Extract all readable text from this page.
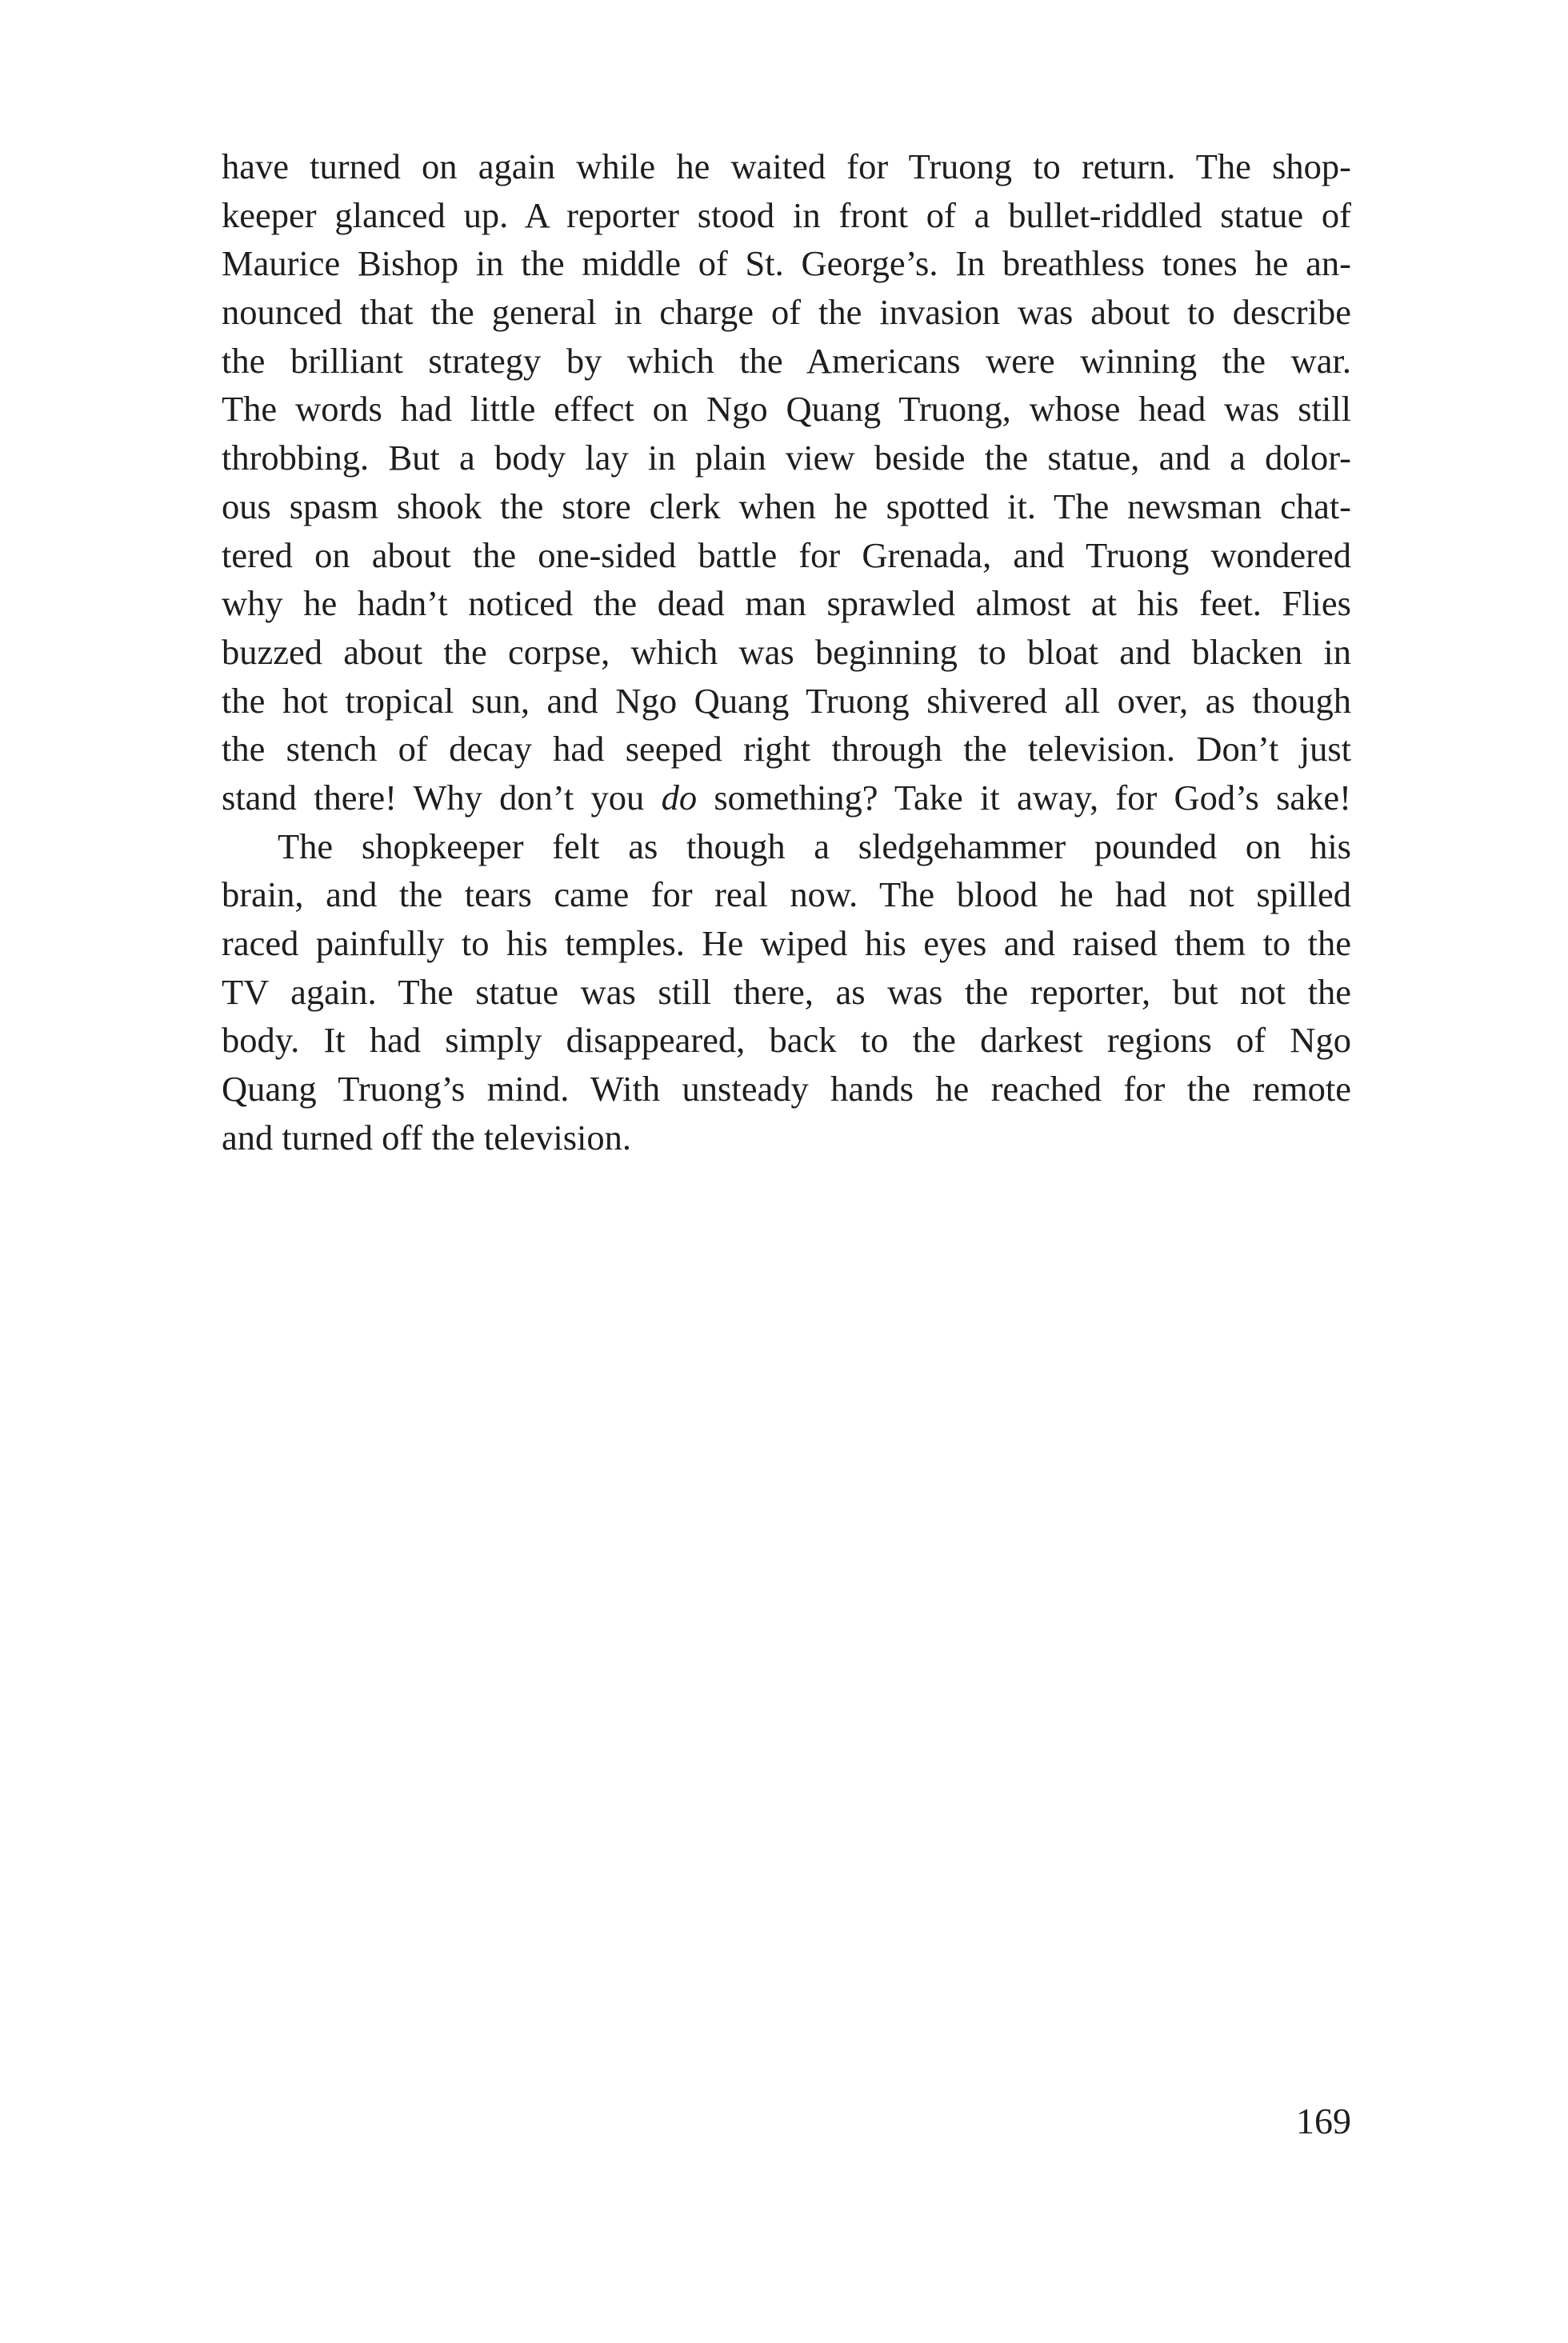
have turned on again while he waited for Truong to return. The shop-
keeper glanced up. A reporter stood in front of a bullet-riddled statue of
Maurice Bishop in the middle of St. George’s. In breathless tones he an-
nounced that the general in charge of the invasion was about to describe
the brilliant strategy by which the Americans were winning the war.
The words had little effect on Ngo Quang Truong, whose head was still
throbbing. But a body lay in plain view beside the statue, and a dolor-
ous spasm shook the store clerk when he spotted it. The newsman chat-
tered on about the one-sided battle for Grenada, and Truong wondered
why he hadn’t noticed the dead man sprawled almost at his feet. Flies
buzzed about the corpse, which was beginning to bloat and blacken in
the hot tropical sun, and Ngo Quang Truong shivered all over, as though
the stench of decay had seeped right through the television. Don’t just
stand there! Why don’t you do something? Take it away, for God’s sake!
The shopkeeper felt as though a sledgehammer pounded on his
brain, and the tears came for real now. The blood he had not spilled
raced painfully to his temples. He wiped his eyes and raised them to the
TV again. The statue was still there, as was the reporter, but not the
body. It had simply disappeared, back to the darkest regions of Ngo
Quang Truong’s mind. With unsteady hands he reached for the remote
and turned off the television.
169
